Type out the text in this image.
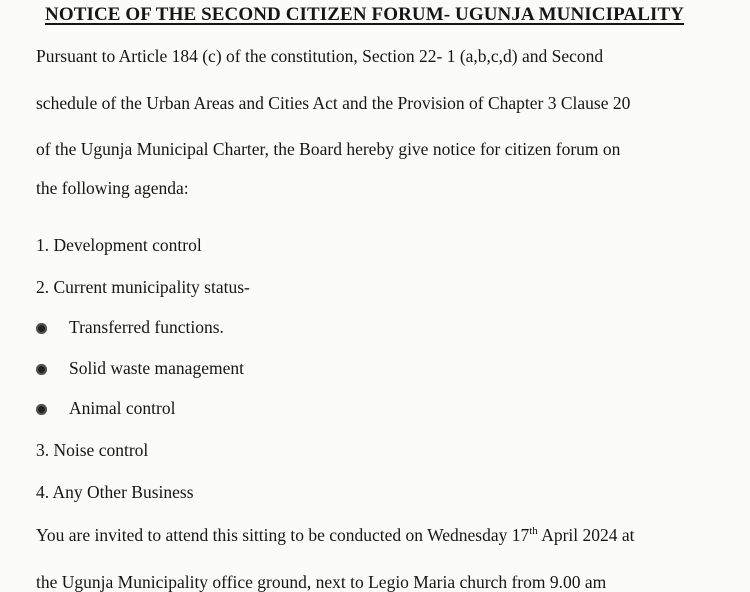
NOTICE OF THE SECOND CITIZEN FORUM- UGUNJA MUNICIPALITY
Pursuant to Article 184 (c) of the constitution, Section 22- 1 (a,b,c,d) and Second
schedule of the Urban Areas and Cities Act and the Provision of Chapter 3 Clause 20
of the Ugunja Municipal Charter, the Board hereby give notice for citizen forum on
the following agenda:
1. Development control
2. Current municipality status-
Transferred functions.
Solid waste management
Animal control
3. Noise control
4. Any Other Business
You are invited to attend this sitting to be conducted on Wednesday 17th April 2024 at
the Ugunja Municipality office ground, next to Legio Maria church from 9.00 am
